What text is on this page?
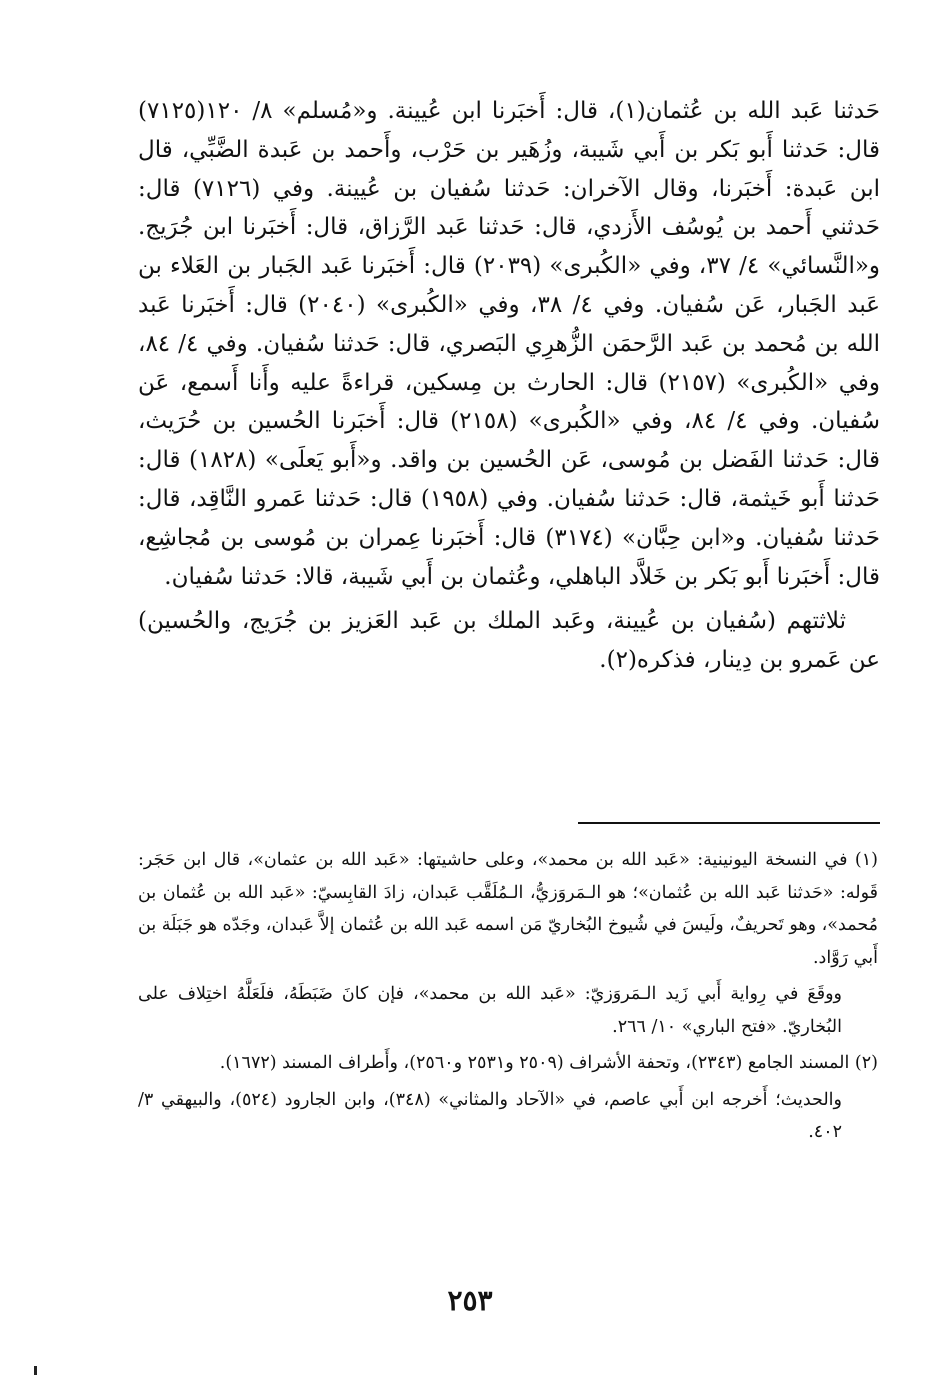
حَدثنا عَبد الله بن عُثمان(١)، قال: أَخبَرنا ابن عُيينة. و«مُسلم» ٨/ ١٢٠(٧١٢٥) قال: حَدثنا أَبو بَكر بن أَبي شَيبة، وزُهَير بن حَرْب، وأَحمد بن عَبدة الضَّبِّي، قال ابن عَبدة: أَخبَرنا، وقال الآخران: حَدثنا سُفيان بن عُيينة. وفي (٧١٢٦) قال: حَدثني أَحمد بن يُوسُف الأَزدي، قال: حَدثنا عَبد الرَّزاق، قال: أَخبَرنا ابن جُرَيج. و«النَّسائي» ٤/ ٣٧، وفي «الكُبرى» (٢٠٣٩) قال: أَخبَرنا عَبد الجَبار بن العَلاء بن عَبد الجَبار، عَن سُفيان. وفي ٤/ ٣٨، وفي «الكُبرى» (٢٠٤٠) قال: أَخبَرنا عَبد الله بن مُحمد بن عَبد الرَّحمَن الزُّهرِي البَصري، قال: حَدثنا سُفيان. وفي ٤/ ٨٤، وفي «الكُبرى» (٢١٥٧) قال: الحارث بن مِسكين، قراءةً عليه وأَنا أَسمع، عَن سُفيان. وفي ٤/ ٨٤، وفي «الكُبرى» (٢١٥٨) قال: أَخبَرنا الحُسين بن حُرَيث، قال: حَدثنا الفَضل بن مُوسى، عَن الحُسين بن واقد. و«أَبو يَعلَى» (١٨٢٨) قال: حَدثنا أَبو خَيثمة، قال: حَدثنا سُفيان. وفي (١٩٥٨) قال: حَدثنا عَمرو النَّاقِد، قال: حَدثنا سُفيان. و«ابن حِبَّان» (٣١٧٤) قال: أَخبَرنا عِمران بن مُوسى بن مُجاشِع، قال: أَخبَرنا أَبو بَكر بن خَلاَّد الباهلي، وعُثمان بن أَبي شَيبة، قالا: حَدثنا سُفيان.

ثلاثتهم (سُفيان بن عُيينة، وعَبد الملك بن عَبد العَزيز بن جُرَيج، والحُسين) عن عَمرو بن دِينار، فذكره(٢).

(١) في النسخة اليونينية: «عَبد الله بن محمد»، وعلى حاشيتها: «عَبد الله بن عثمان»، قال ابن حَجَر: قَوله: «حَدثنا عَبد الله بن عُثمان»؛ هو الـمَروَزيُّ، الـمُلَقَّب عَبدان، زادَ القابِسيّ: «عَبد الله بن عُثمان بن مُحمد»، وهو تَحريفٌ، ولَيسَ في شُيوخ البُخاريّ مَن اسمه عَبد الله بن عُثمان إلاَّ عَبدان، وجَدّه هو جَبَلَة بن أَبي رَوَّاد.

ووقَعَ في رِواية أَبي زَيد الـمَروَزيّ: «عَبد الله بن محمد»، فإن كانَ ضَبَطَهُ، فلَعَلَّهُ اختِلاف على البُخاريّ. «فتح الباري» ١٠/ ٢٦٦.

(٢) المسند الجامع (٢٣٤٣)، وتحفة الأشراف (٢٥٠٩ و٢٥٣١ و٢٥٦٠)، وأَطراف المسند (١٦٧٢).

والحديث؛ أَخرجه ابن أَبي عاصم، في «الآحاد والمثاني» (٣٤٨)، وابن الجارود (٥٢٤)، والبيهقي ٣/ ٤٠٢.

٢٥٣
